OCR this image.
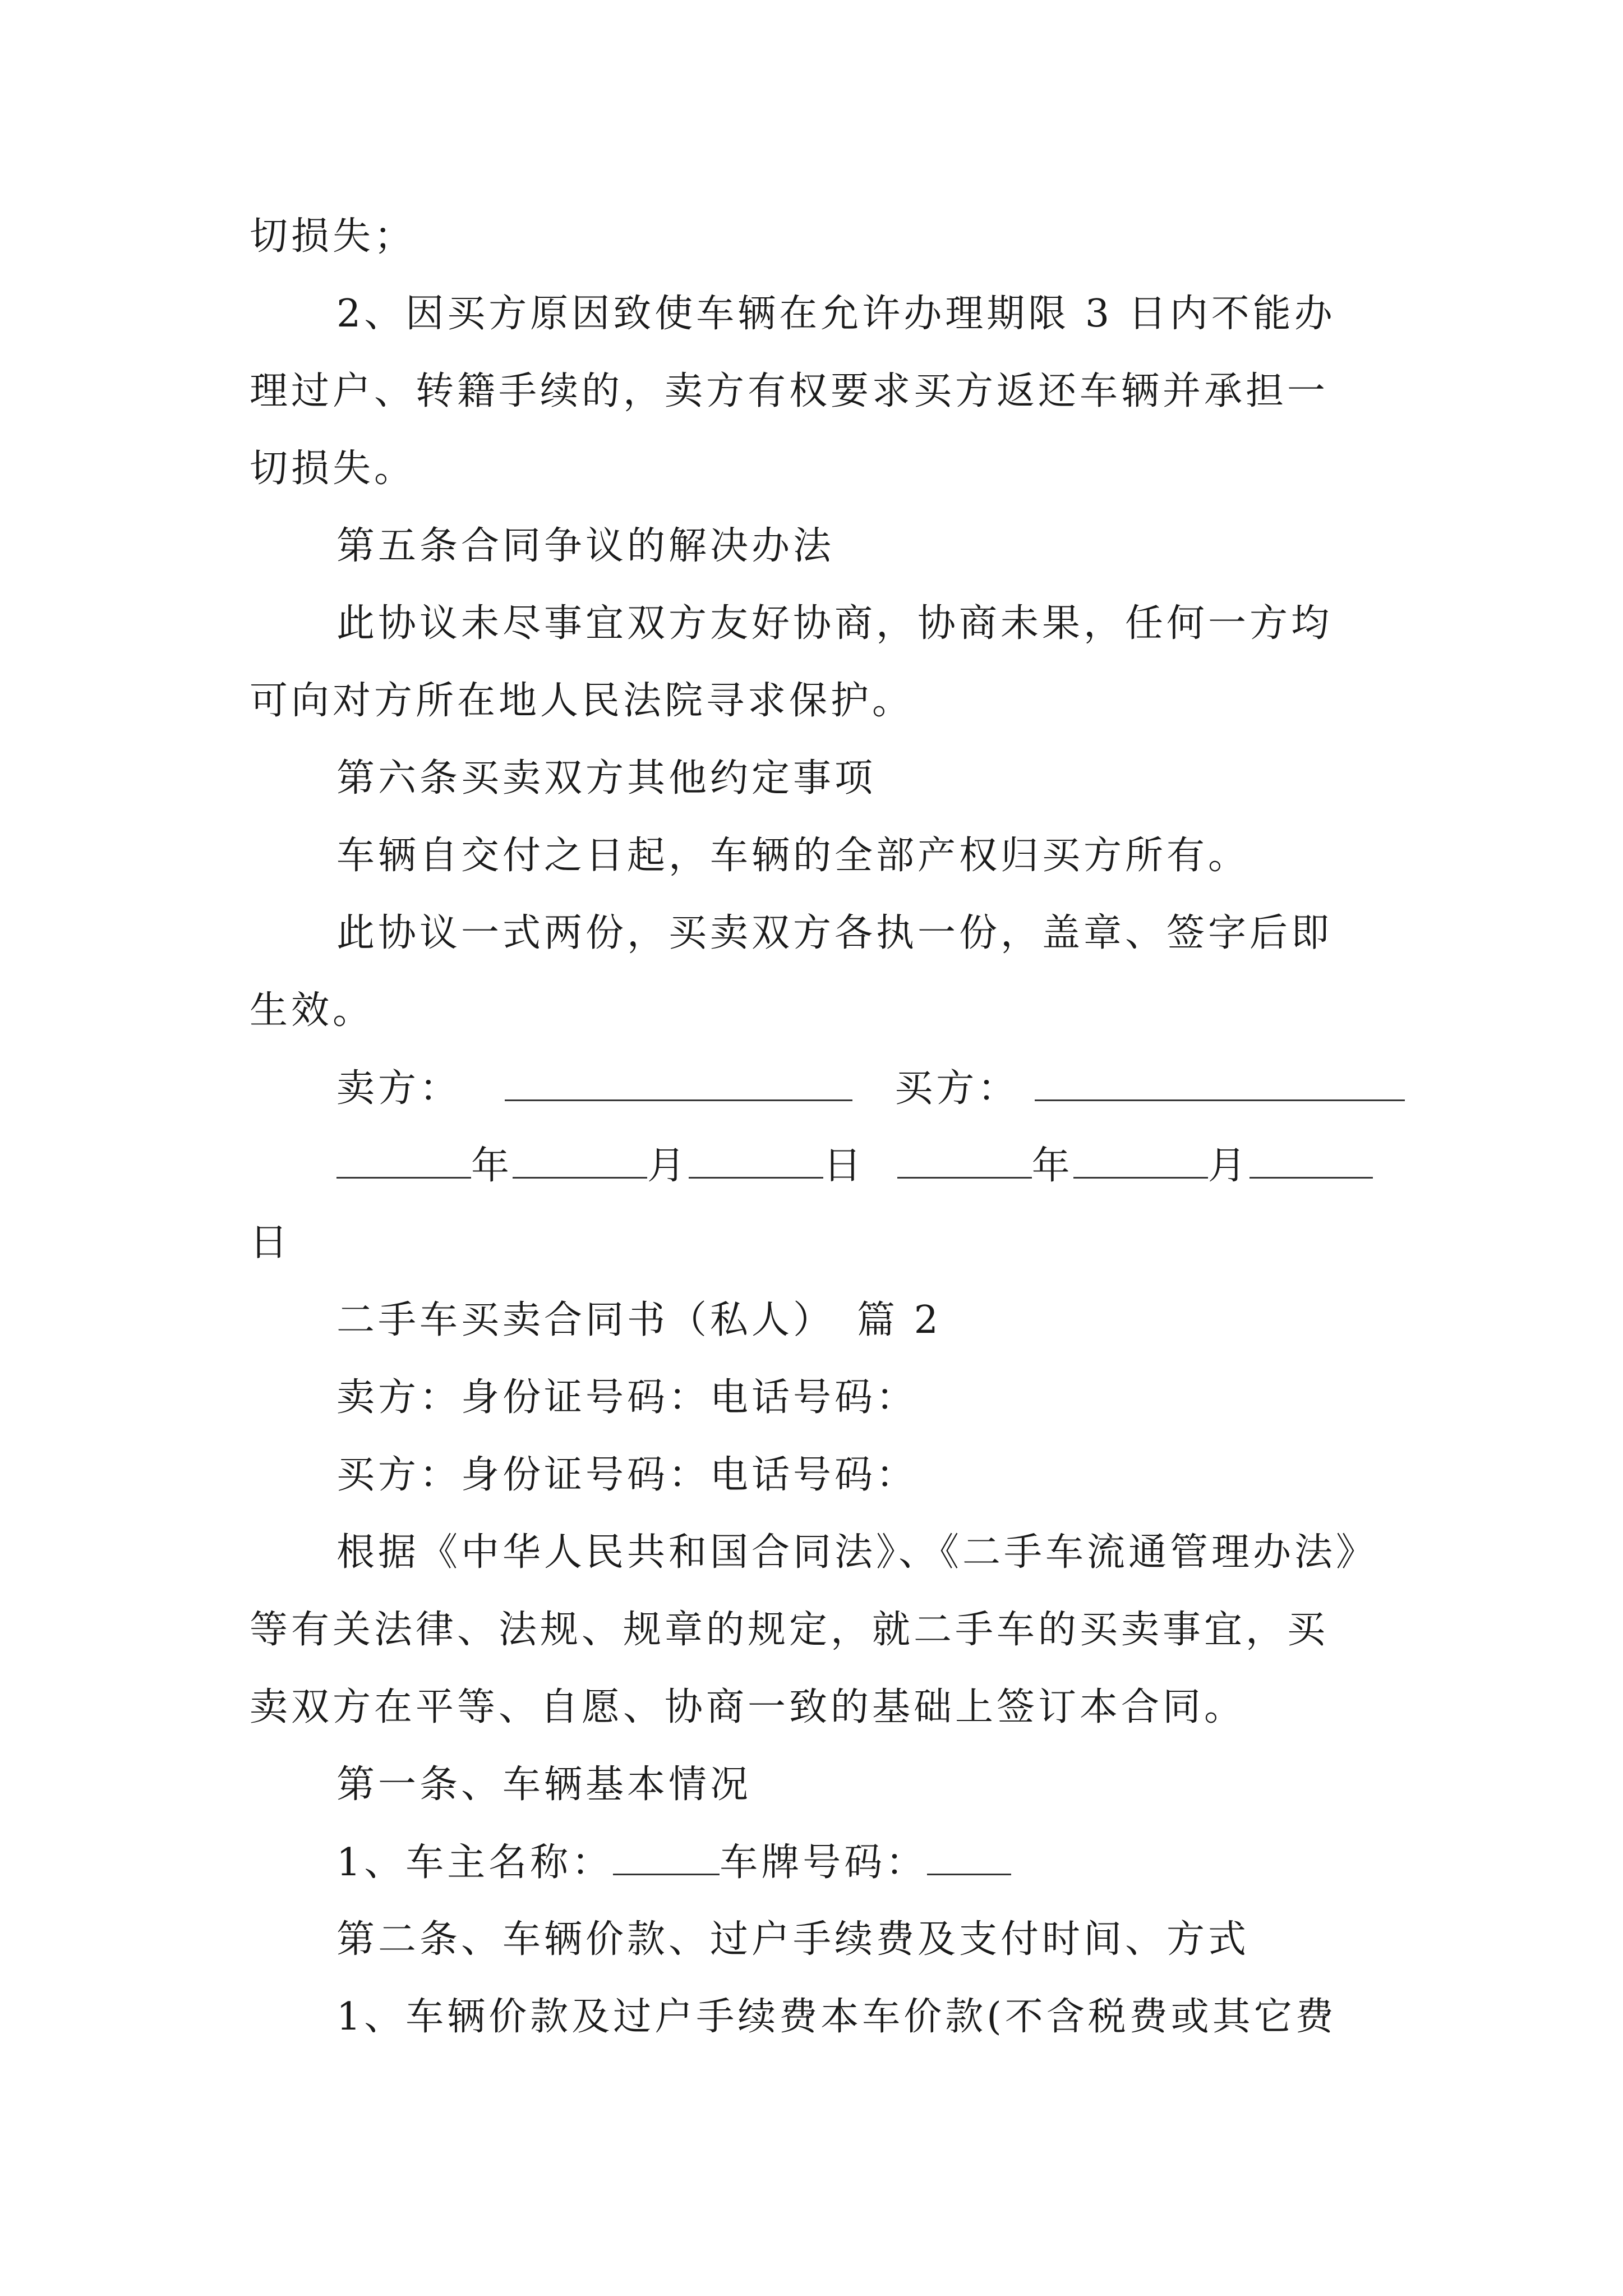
切损失；
2、因买方原因致使车辆在允许办理期限 3 日内不能办
理过户、转籍手续的，卖方有权要求买方返还车辆并承担一
切损失。
第五条合同争议的解决办法
此协议未尽事宜双方友好协商，协商未果，任何一方均
可向对方所在地人民法院寻求保护。
第六条买卖双方其他约定事项
车辆自交付之日起，车辆的全部产权归买方所有。
此协议一式两份，买卖双方各执一份，盖章、签字后即
生效。
卖方：	买方：
年	月	日	年	月
日
二手车买卖合同书（私人）　篇 2
卖方：身份证号码：电话号码：
买方：身份证号码：电话号码：
根据《中华人民共和国合同法》、《二手车流通管理办法》
等有关法律、法规、规章的规定，就二手车的买卖事宜，买
卖双方在平等、自愿、协商一致的基础上签订本合同。
第一条、车辆基本情况
1、车主名称：	车牌号码：
第二条、车辆价款、过户手续费及支付时间、方式
1、车辆价款及过户手续费本车价款(不含税费或其它费
